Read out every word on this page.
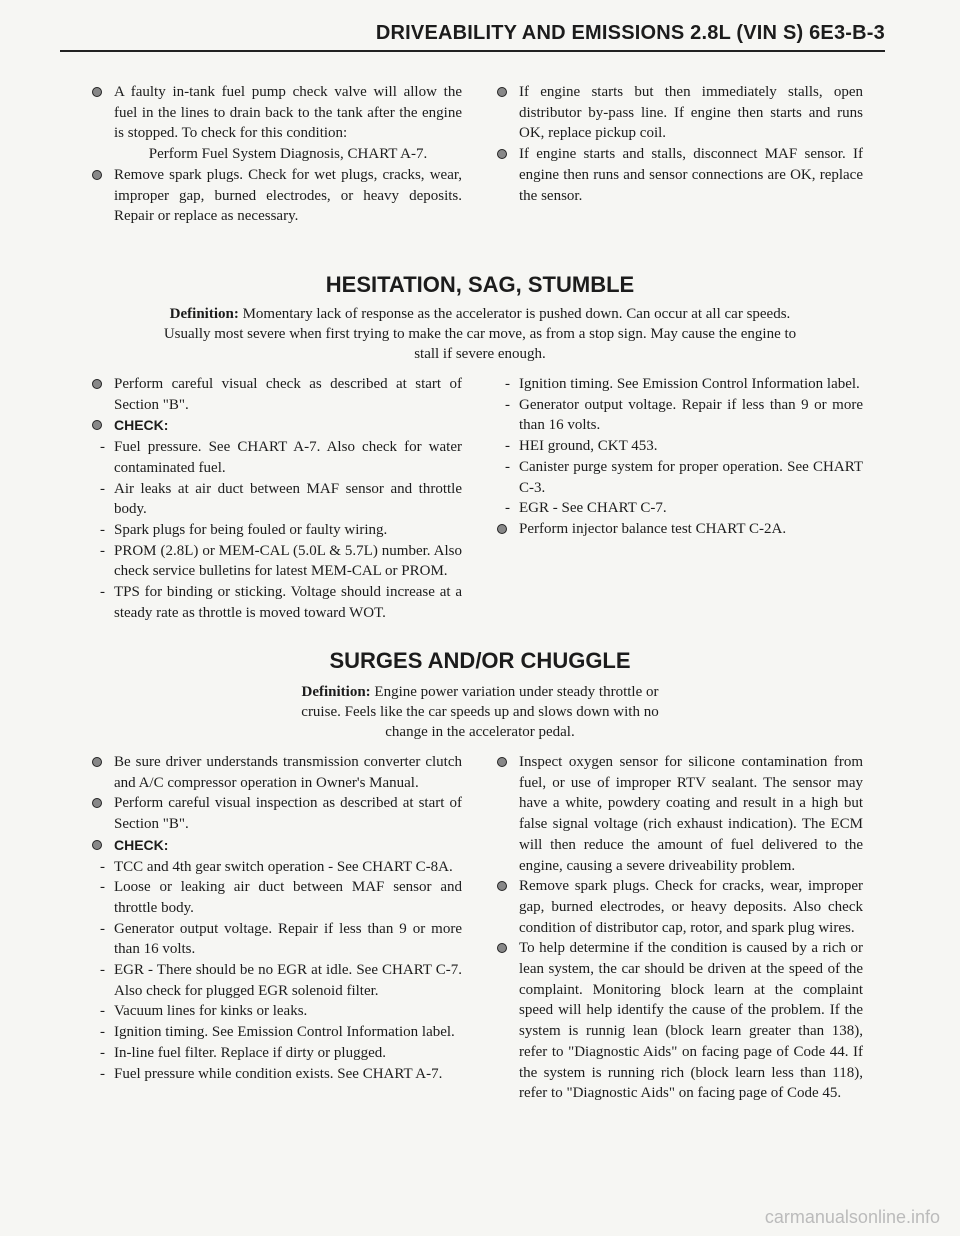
DRIVEABILITY AND EMISSIONS 2.8L (VIN S) 6E3-B-3
A faulty in-tank fuel pump check valve will allow the fuel in the lines to drain back to the tank after the engine is stopped. To check for this condition:
Perform Fuel System Diagnosis, CHART A-7.
Remove spark plugs. Check for wet plugs, cracks, wear, improper gap, burned electrodes, or heavy deposits. Repair or replace as necessary.
If engine starts but then immediately stalls, open distributor by-pass line. If engine then starts and runs OK, replace pickup coil.
If engine starts and stalls, disconnect MAF sensor. If engine then runs and sensor connections are OK, replace the sensor.
HESITATION, SAG, STUMBLE
Definition: Momentary lack of response as the accelerator is pushed down. Can occur at all car speeds. Usually most severe when first trying to make the car move, as from a stop sign. May cause the engine to stall if severe enough.
Perform careful visual check as described at start of Section "B".
CHECK:
- Fuel pressure. See CHART A-7. Also check for water contaminated fuel.
- Air leaks at air duct between MAF sensor and throttle body.
- Spark plugs for being fouled or faulty wiring.
- PROM (2.8L) or MEM-CAL (5.0L & 5.7L) number. Also check service bulletins for latest MEM-CAL or PROM.
- TPS for binding or sticking. Voltage should increase at a steady rate as throttle is moved toward WOT.
- Ignition timing. See Emission Control Information label.
- Generator output voltage. Repair if less than 9 or more than 16 volts.
- HEI ground, CKT 453.
- Canister purge system for proper operation. See CHART C-3.
- EGR - See CHART C-7.
Perform injector balance test CHART C-2A.
SURGES AND/OR CHUGGLE
Definition: Engine power variation under steady throttle or cruise. Feels like the car speeds up and slows down with no change in the accelerator pedal.
Be sure driver understands transmission converter clutch and A/C compressor operation in Owner's Manual.
Perform careful visual inspection as described at start of Section "B".
CHECK:
- TCC and 4th gear switch operation - See CHART C-8A.
- Loose or leaking air duct between MAF sensor and throttle body.
- Generator output voltage. Repair if less than 9 or more than 16 volts.
- EGR - There should be no EGR at idle. See CHART C-7. Also check for plugged EGR solenoid filter.
- Vacuum lines for kinks or leaks.
- Ignition timing. See Emission Control Information label.
- In-line fuel filter. Replace if dirty or plugged.
- Fuel pressure while condition exists. See CHART A-7.
Inspect oxygen sensor for silicone contamination from fuel, or use of improper RTV sealant. The sensor may have a white, powdery coating and result in a high but false signal voltage (rich exhaust indication). The ECM will then reduce the amount of fuel delivered to the engine, causing a severe driveability problem.
Remove spark plugs. Check for cracks, wear, improper gap, burned electrodes, or heavy deposits. Also check condition of distributor cap, rotor, and spark plug wires.
To help determine if the condition is caused by a rich or lean system, the car should be driven at the speed of the complaint. Monitoring block learn at the complaint speed will help identify the cause of the problem. If the system is runnig lean (block learn greater than 138), refer to "Diagnostic Aids" on facing page of Code 44. If the system is running rich (block learn less than 118), refer to "Diagnostic Aids" on facing page of Code 45.
carmanualsonline.info
